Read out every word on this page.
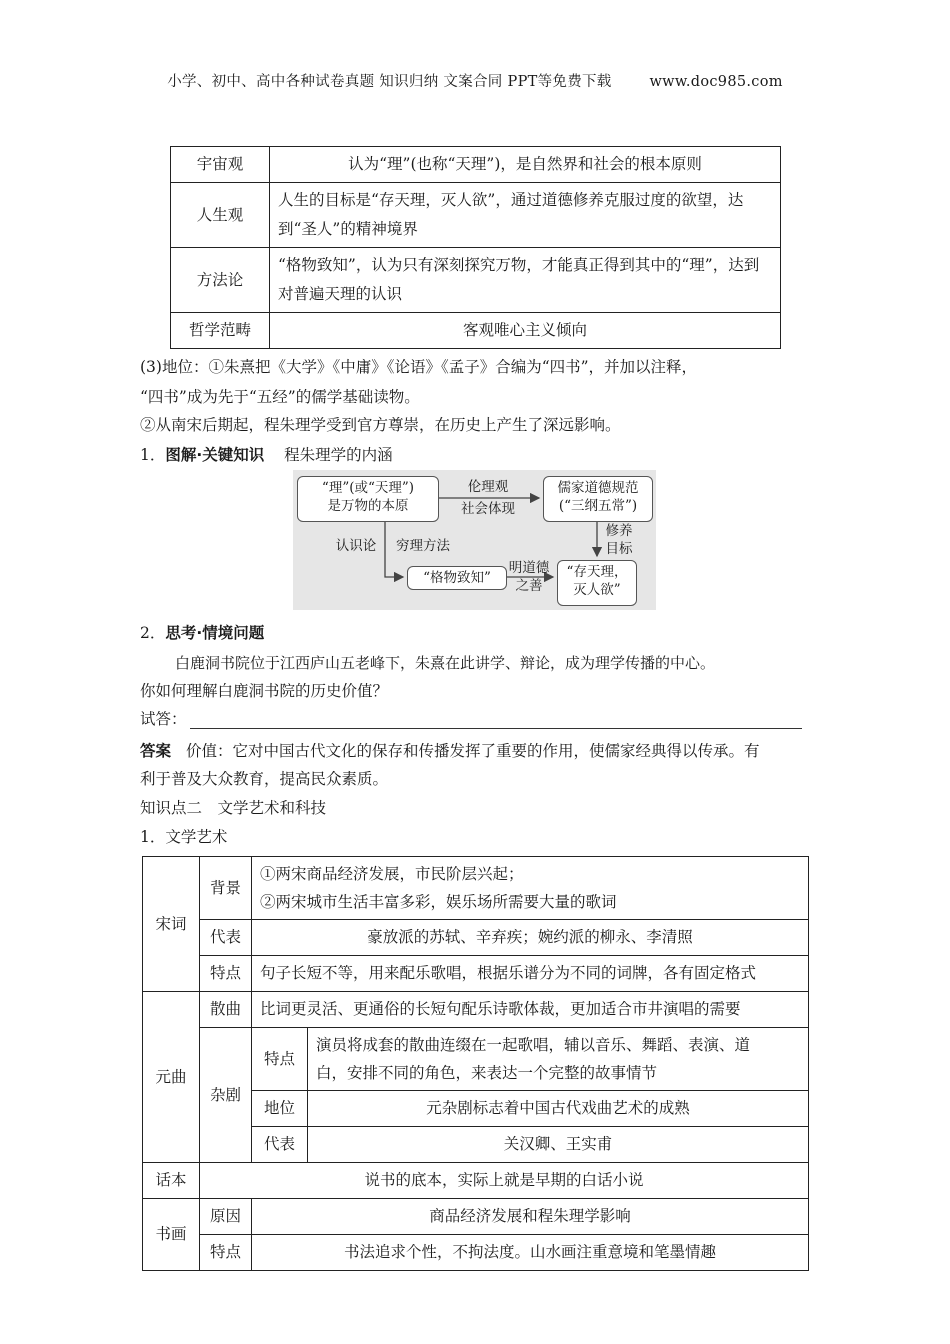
小学、初中、高中各种试卷真题 知识归纳 文案合同 PPT等免费下载	www.doc985.com
宇宙观	认为“理”(也称“天理”)，是自然界和社会的根本原则
人生观	人生的目标是“存天理，灭人欲”，通过道德修养克服过度的欲望，达到“圣人”的精神境界
方法论	“格物致知”，认为只有深刻探究万物，才能真正得到其中的“理”，达到对普遍天理的认识
哲学范畴	客观唯心主义倾向
(3)地位：①朱熹把《大学》《中庸》《论语》《孟子》合编为“四书”，并加以注释，
“四书”成为先于“五经”的儒学基础读物。
②从南宋后期起，程朱理学受到官方尊崇，在历史上产生了深远影响。
1．图解·关键知识 程朱理学的内涵
“理”(或“天理”)
是万物的本原
儒家道德规范
(“三纲五常”)
“格物致知”	“存天理，
灭人欲”
伦理观
社会体现
认识论	穷理方法
明道德
之善
修养
目标
2．思考·情境问题
白鹿洞书院位于江西庐山五老峰下，朱熹在此讲学、辩论，成为理学传播的中心。
你如何理解白鹿洞书院的历史价值？
试答：
答案 价值：它对中国古代文化的保存和传播发挥了重要的作用，使儒家经典得以传承。有
利于普及大众教育，提高民众素质。
知识点二　文学艺术和科技
1．文学艺术
宋词	背景	①两宋商品经济发展，市民阶层兴起；
②两宋城市生活丰富多彩，娱乐场所需要大量的歌词	

	代表	豪放派的苏轼、辛弃疾；婉约派的柳永、李清照	
	特点	句子长短不等，用来配乐歌唱，根据乐谱分为不同的词牌，各有固定格式	
元曲	散曲	比词更灵活、更通俗的长短句配乐诗歌体裁，更加适合市井演唱的需要	
	杂剧	特点	演员将成套的散曲连缀在一起歌唱，辅以音乐、舞蹈、表演、道
白，安排不同的角色，来表达一个完整的故事情节

		地位	元杂剧标志着中国古代戏曲艺术的成熟
		代表	关汉卿、王实甫
话本	说书的底本，实际上就是早期的白话小说		
书画	原因	商品经济发展和程朱理学影响	
	特点	书法追求个性，不拘法度。山水画注重意境和笔墨情趣	
